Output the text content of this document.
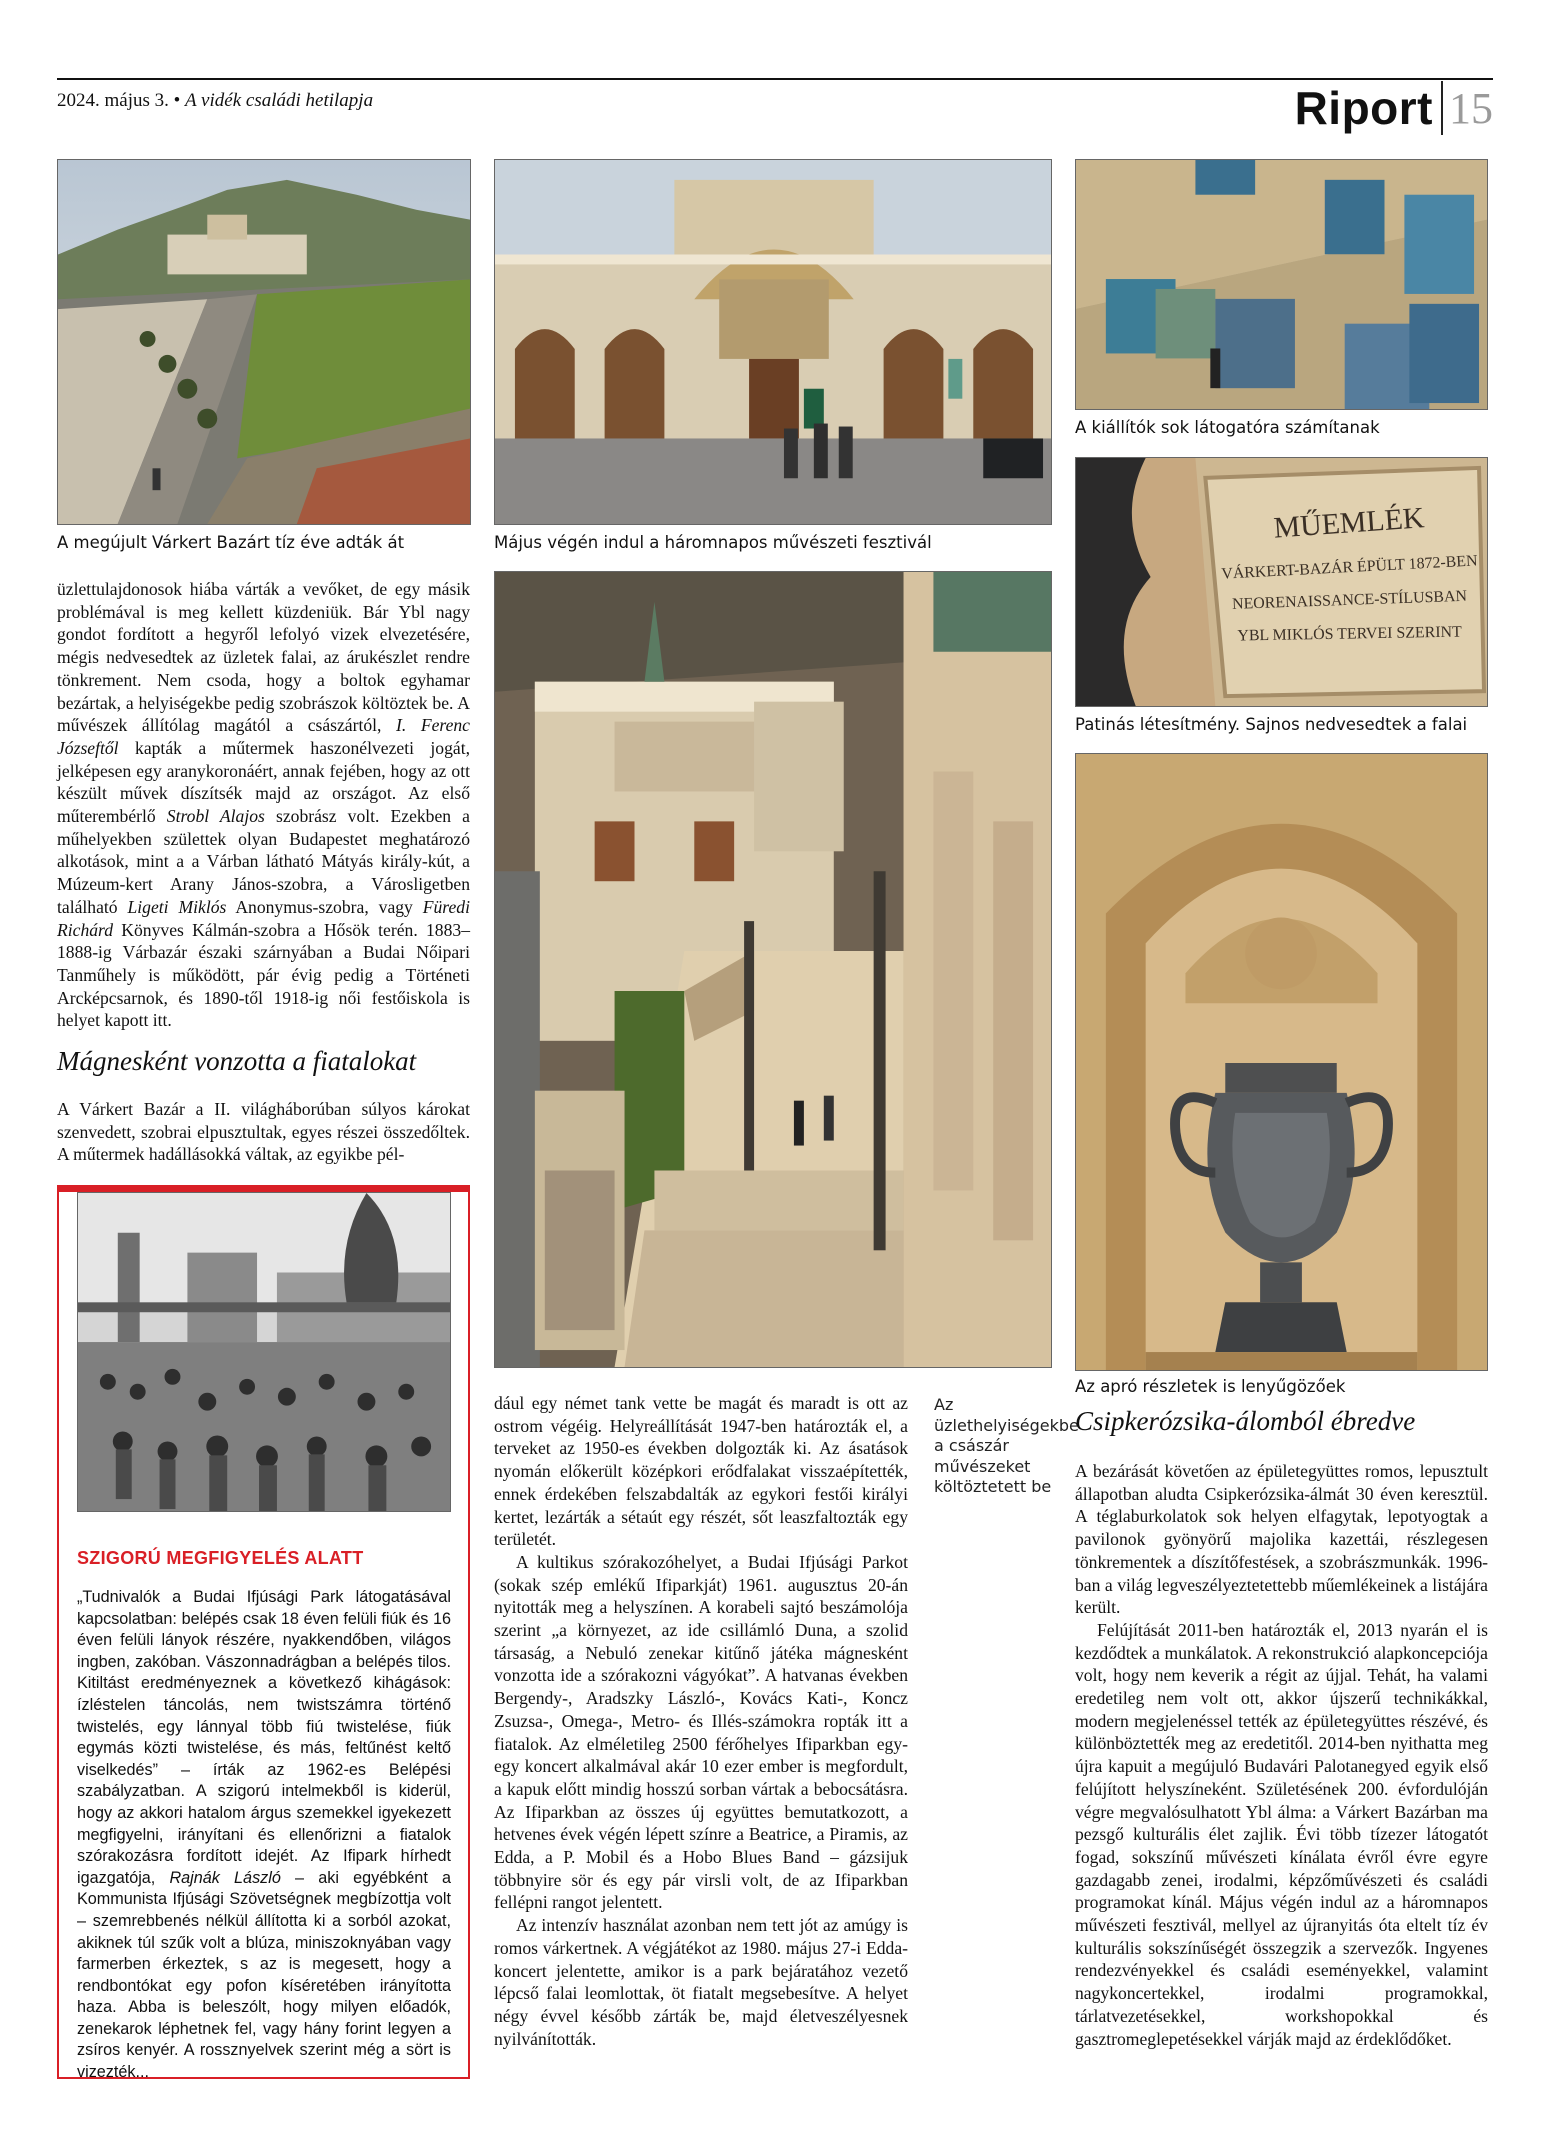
2024. május 3. • A vidék családi hetilapja	Riport 15
A megújult Várkert Bazárt tíz éve adták át	Május végén indul a háromnapos művészeti fesztivál
A kiállítók sok látogatóra számítanak
MŰEMLÉK
VÁRKERT-BAZÁR ÉPÜLT 1872-BEN
NEORENAISSANCE-STÍLUSBAN
YBL MIKLÓS TERVEI SZERINT
Patinás létesítmény. Sajnos nedvesedtek a falai
Az apró részletek is lenyűgözőek

üzlettulajdonosok hiába várták a vevőket, de egy másik problémával is meg kellett küzdeniük. Bár Ybl nagy gondot fordított a hegyről lefolyó vizek elvezetésére, mégis nedvesedtek az üzletek falai, az árukészlet rendre tönkrement. Nem csoda, hogy a boltok egyhamar bezártak, a helyiségekbe pedig szobrászok költöztek be. A művészek állítólag magától a császártól, I. Ferenc Józseftől kapták a műtermek haszonélvezeti jogát, jelképesen egy aranykoronáért, annak fejében, hogy az ott készült művek díszítsék majd az országot. Az első műterembérlő Strobl Alajos szobrász volt. Ezekben a műhelyekben születtek olyan Budapestet meghatározó alkotások, mint a a Várban látható Mátyás király-kút, a Múzeum-kert Arany János-szobra, a Városligetben található Ligeti Miklós Anonymus-szobra, vagy Füredi Richárd Könyves Kálmán-szobra a Hősök terén. 1883–1888-ig Várbazár északi szárnyában a Budai Nőipari Tanműhely is működött, pár évig pedig a Történeti Arcképcsarnok, és 1890-től 1918-ig női festőiskola is helyet kapott itt.

Mágnesként vonzotta a fiatalokat

A Várkert Bazár a II. világháborúban súlyos károkat szenvedett, szobrai elpusztultak, egyes részei összedőltek. A műtermek hadállásokká váltak, az egyikbe pél-

SZIGORÚ MEGFIGYELÉS ALATT
„Tudnivalók a Budai Ifjúsági Park látogatásával kapcsolatban: belépés csak 18 éven felüli fiúk és 16 éven felüli lányok részére, nyakkendőben, világos ingben, zakóban. Vászonnadrágban a belépés tilos. Kitiltást eredményeznek a következő kihágások: ízléstelen táncolás, nem twistszámra történő twistelés, egy lánnyal több fiú twistelése, fiúk egymás közti twistelése, és más, feltűnést keltő viselkedés” – írták az 1962-es Belépési szabályzatban. A szigorú intelmekből is kiderül, hogy az akkori hatalom árgus szemekkel igyekezett megfigyelni, irányítani és ellenőrizni a fiatalok szórakozásra fordított idejét. Az Ifipark hírhedt igazgatója, Rajnák László – aki egyébként a Kommunista Ifjúsági Szövetségnek megbízottja volt – szemrebbenés nélkül állította ki a sorból azokat, akiknek túl szűk volt a blúza, miniszoknyában vagy farmerben érkeztek, s az is megesett, hogy a rendbontókat egy pofon kíséretében irányította haza. Abba is beleszólt, hogy milyen előadók, zenekarok léphetnek fel, vagy hány forint legyen a zsíros kenyér. A rossznyelvek szerint még a sört is vizezték...

dául egy német tank vette be magát és maradt is ott az ostrom végéig. Helyreállítását 1947-ben határozták el, a terveket az 1950-es években dolgozták ki. Az ásatások nyomán előkerült középkori erődfalakat visszaépítették, ennek érdekében felszabdalták az egykori festői királyi kertet, lezárták a sétaút egy részét, sőt leaszfaltozták egy területét.

A kultikus szórakozóhelyet, a Budai Ifjúsági Parkot (sokak szép emlékű Ifiparkját) 1961. augusztus 20-án nyitották meg a helyszínen. A korabeli sajtó beszámolója szerint „a környezet, az ide csillámló Duna, a szolid társaság, a Nebuló zenekar kitűnő játéka mágnesként vonzotta ide a szórakozni vágyókat”. A hatvanas években Bergendy-, Aradszky László-, Kovács Kati-, Koncz Zsuzsa-, Omega-, Metro- és Illés-számokra ropták itt a fiatalok. Az elméletileg 2500 férőhelyes Ifiparkban egy-egy koncert alkalmával akár 10 ezer ember is megfordult, a kapuk előtt mindig hosszú sorban vártak a bebocsátásra. Az Ifiparkban az összes új együttes bemutatkozott, a hetvenes évek végén lépett színre a Beatrice, a Piramis, az Edda, a P. Mobil és a Hobo Blues Band – gázsijuk többnyire sör és egy pár virsli volt, de az Ifiparkban fellépni rangot jelentett.

Az intenzív használat azonban nem tett jót az amúgy is romos várkertnek. A végjátékot az 1980. május 27-i Edda-koncert jelentette, amikor is a park bejáratához vezető lépcső falai leomlottak, öt fiatalt megsebesítve. A helyet négy évvel később zárták be, majd életveszélyesnek nyilvánították.

Az üzlethelyiségekbe a császár művészeket költöztetett be
Csipkerózsika-álomból ébredve

A bezárását követően az épületegyüttes romos, lepusztult állapotban aludta Csipkerózsika-álmát 30 éven keresztül. A téglaburkolatok sok helyen elfagytak, lepotyogtak a pavilonok gyönyörű majolika kazettái, részlegesen tönkrementek a díszítőfestések, a szobrászmunkák. 1996-ban a világ legveszélyeztetettebb műemlékeinek a listájára került.

Felújítását 2011-ben határozták el, 2013 nyarán el is kezdődtek a munkálatok. A rekonstrukció alapkoncepciója volt, hogy nem keverik a régit az újjal. Tehát, ha valami eredetileg nem volt ott, akkor újszerű technikákkal, modern megjelenéssel tették az épületegyüttes részévé, és különböztették meg az eredetitől. 2014-ben nyithatta meg újra kapuit a megújuló Budavári Palotanegyed egyik első felújított helyszíneként. Születésének 200. évfordulóján végre megvalósulhatott Ybl álma: a Várkert Bazárban ma pezsgő kulturális élet zajlik. Évi több tízezer látogatót fogad, sokszínű művészeti kínálata évről évre egyre gazdagabb zenei, irodalmi, képzőművészeti és családi programokat kínál. Május végén indul az a háromnapos művészeti fesztivál, mellyel az újranyitás óta eltelt tíz év kulturális sokszínűségét összegzik a szervezők. Ingyenes rendezvényekkel és családi eseményekkel, valamint nagykoncertekkel, irodalmi programokkal, tárlatvezetésekkel, workshopokkal és gasztromeglepetésekkel várják majd az érdeklődőket.
